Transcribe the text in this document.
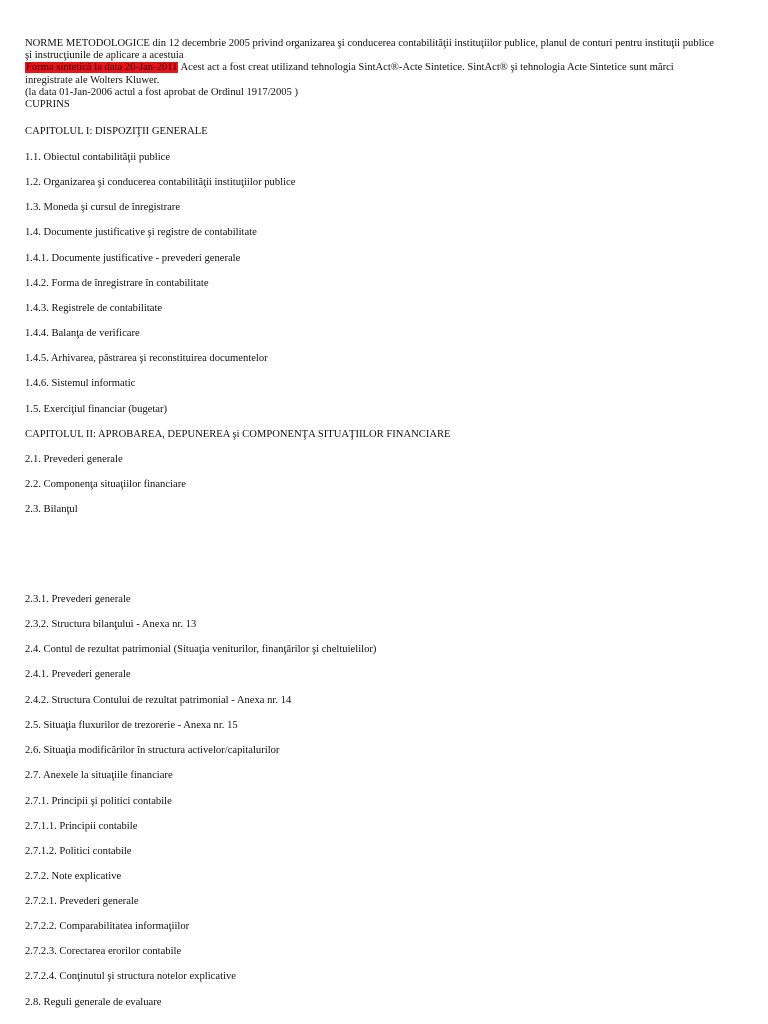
NORME METODOLOGICE din 12 decembrie 2005 privind organizarea şi conducerea contabilităţii instituţiilor publice, planul de conturi pentru instituţii publice
şi instrucţiunile de aplicare a acestuia
Forma sintetică la data 20-Jan-2011 Acest act a fost creat utilizand tehnologia SintAct®-Acte Sintetice. SintAct® şi tehnologia Acte Sintetice sunt mărci
inregistrate ale Wolters Kluwer.
(la data 01-Jan-2006 actul a fost aprobat de Ordinul 1917/2005 )
CUPRINS
CAPITOLUL I: DISPOZIŢII GENERALE
1.1. Obiectul contabilităţii publice
1.2. Organizarea şi conducerea contabilităţii instituţiilor publice
1.3. Moneda şi cursul de înregistrare
1.4. Documente justificative şi registre de contabilitate
1.4.1. Documente justificative - prevederi generale
1.4.2. Forma de înregistrare în contabilitate
1.4.3. Registrele de contabilitate
1.4.4. Balanţa de verificare
1.4.5. Arhivarea, păstrarea şi reconstituirea documentelor
1.4.6. Sistemul informatic
1.5. Exerciţiul financiar (bugetar)
CAPITOLUL II: APROBAREA, DEPUNEREA şi COMPONENŢA SITUAŢIILOR FINANCIARE
2.1. Prevederi generale
2.2. Componenţa situaţiilor financiare
2.3. Bilanţul
2.3.1. Prevederi generale
2.3.2. Structura bilanţului - Anexa nr. 13
2.4. Contul de rezultat patrimonial (Situaţia veniturilor, finanţărilor şi cheltuielilor)
2.4.1. Prevederi generale
2.4.2. Structura Contului de rezultat patrimonial - Anexa nr. 14
2.5. Situaţia fluxurilor de trezorerie - Anexa nr. 15
2.6. Situaţia modificărilor în structura activelor/capitalurilor
2.7. Anexele la situaţiile financiare
2.7.1. Principii şi politici contabile
2.7.1.1. Principii contabile
2.7.1.2. Politici contabile
2.7.2. Note explicative
2.7.2.1. Prevederi generale
2.7.2.2. Comparabilitatea informaţiilor
2.7.2.3. Corectarea erorilor contabile
2.7.2.4. Conţinutul şi structura notelor explicative
2.8. Reguli generale de evaluare
